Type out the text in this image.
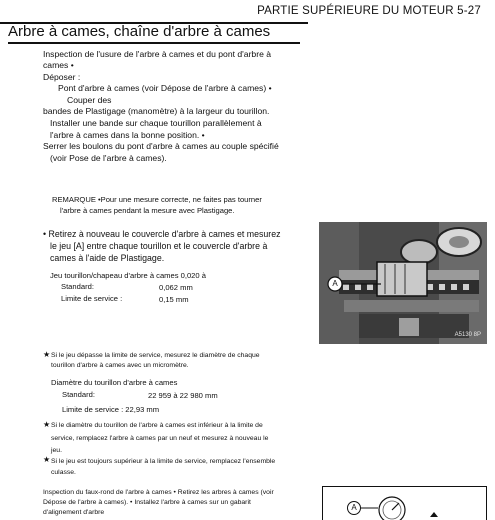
PARTIE SUPÉRIEURE DU MOTEUR 5-27
Arbre à cames, chaîne d'arbre à cames
Inspection de l'usure de l'arbre à cames et du pont d'arbre à
cames •
Déposer :
Pont d'arbre à cames (voir Dépose de l'arbre à cames) •
Couper des
bandes de Plastigage (manomètre) à la largeur du tourillon.
Installer une bande sur chaque tourillon parallèlement à
l'arbre à cames dans la bonne position. •
Serrer les boulons du pont d'arbre à cames au couple spécifié
(voir Pose de l'arbre à cames).
REMARQUE •Pour une mesure correcte, ne faites pas tourner
l'arbre à cames pendant la mesure avec Plastigage.
• Retirez à nouveau le couvercle d'arbre à cames et mesurez
le jeu [A] entre chaque tourillon et le couvercle d'arbre à
cames à l'aide de Plastigage.
Jeu tourillon/chapeau d'arbre à cames 0,020 à
Standard:	0,062 mm
Limite de service :	0,15 mm
★ Si le jeu dépasse la limite de service, mesurez le diamètre de chaque
tourillon d'arbre à cames avec un micromètre.
Diamètre du tourillon d'arbre à cames
Standard:	22 959 à 22 980 mm
Limite de service : 22,93 mm
★ Si le diamètre du tourillon de l'arbre à cames est inférieur à la limite de
service, remplacez l'arbre à cames par un neuf et mesurez à nouveau le
jeu.
★ Si le jeu est toujours supérieur à la limite de service, remplacez l'ensemble
culasse.
Inspection du faux-rond de l'arbre à cames • Retirez les arbres à cames (voir
Dépose de l'arbre à cames). • Installez l'arbre à cames sur un gabarit
d'alignement d'arbre
A
A5130 8P
A
